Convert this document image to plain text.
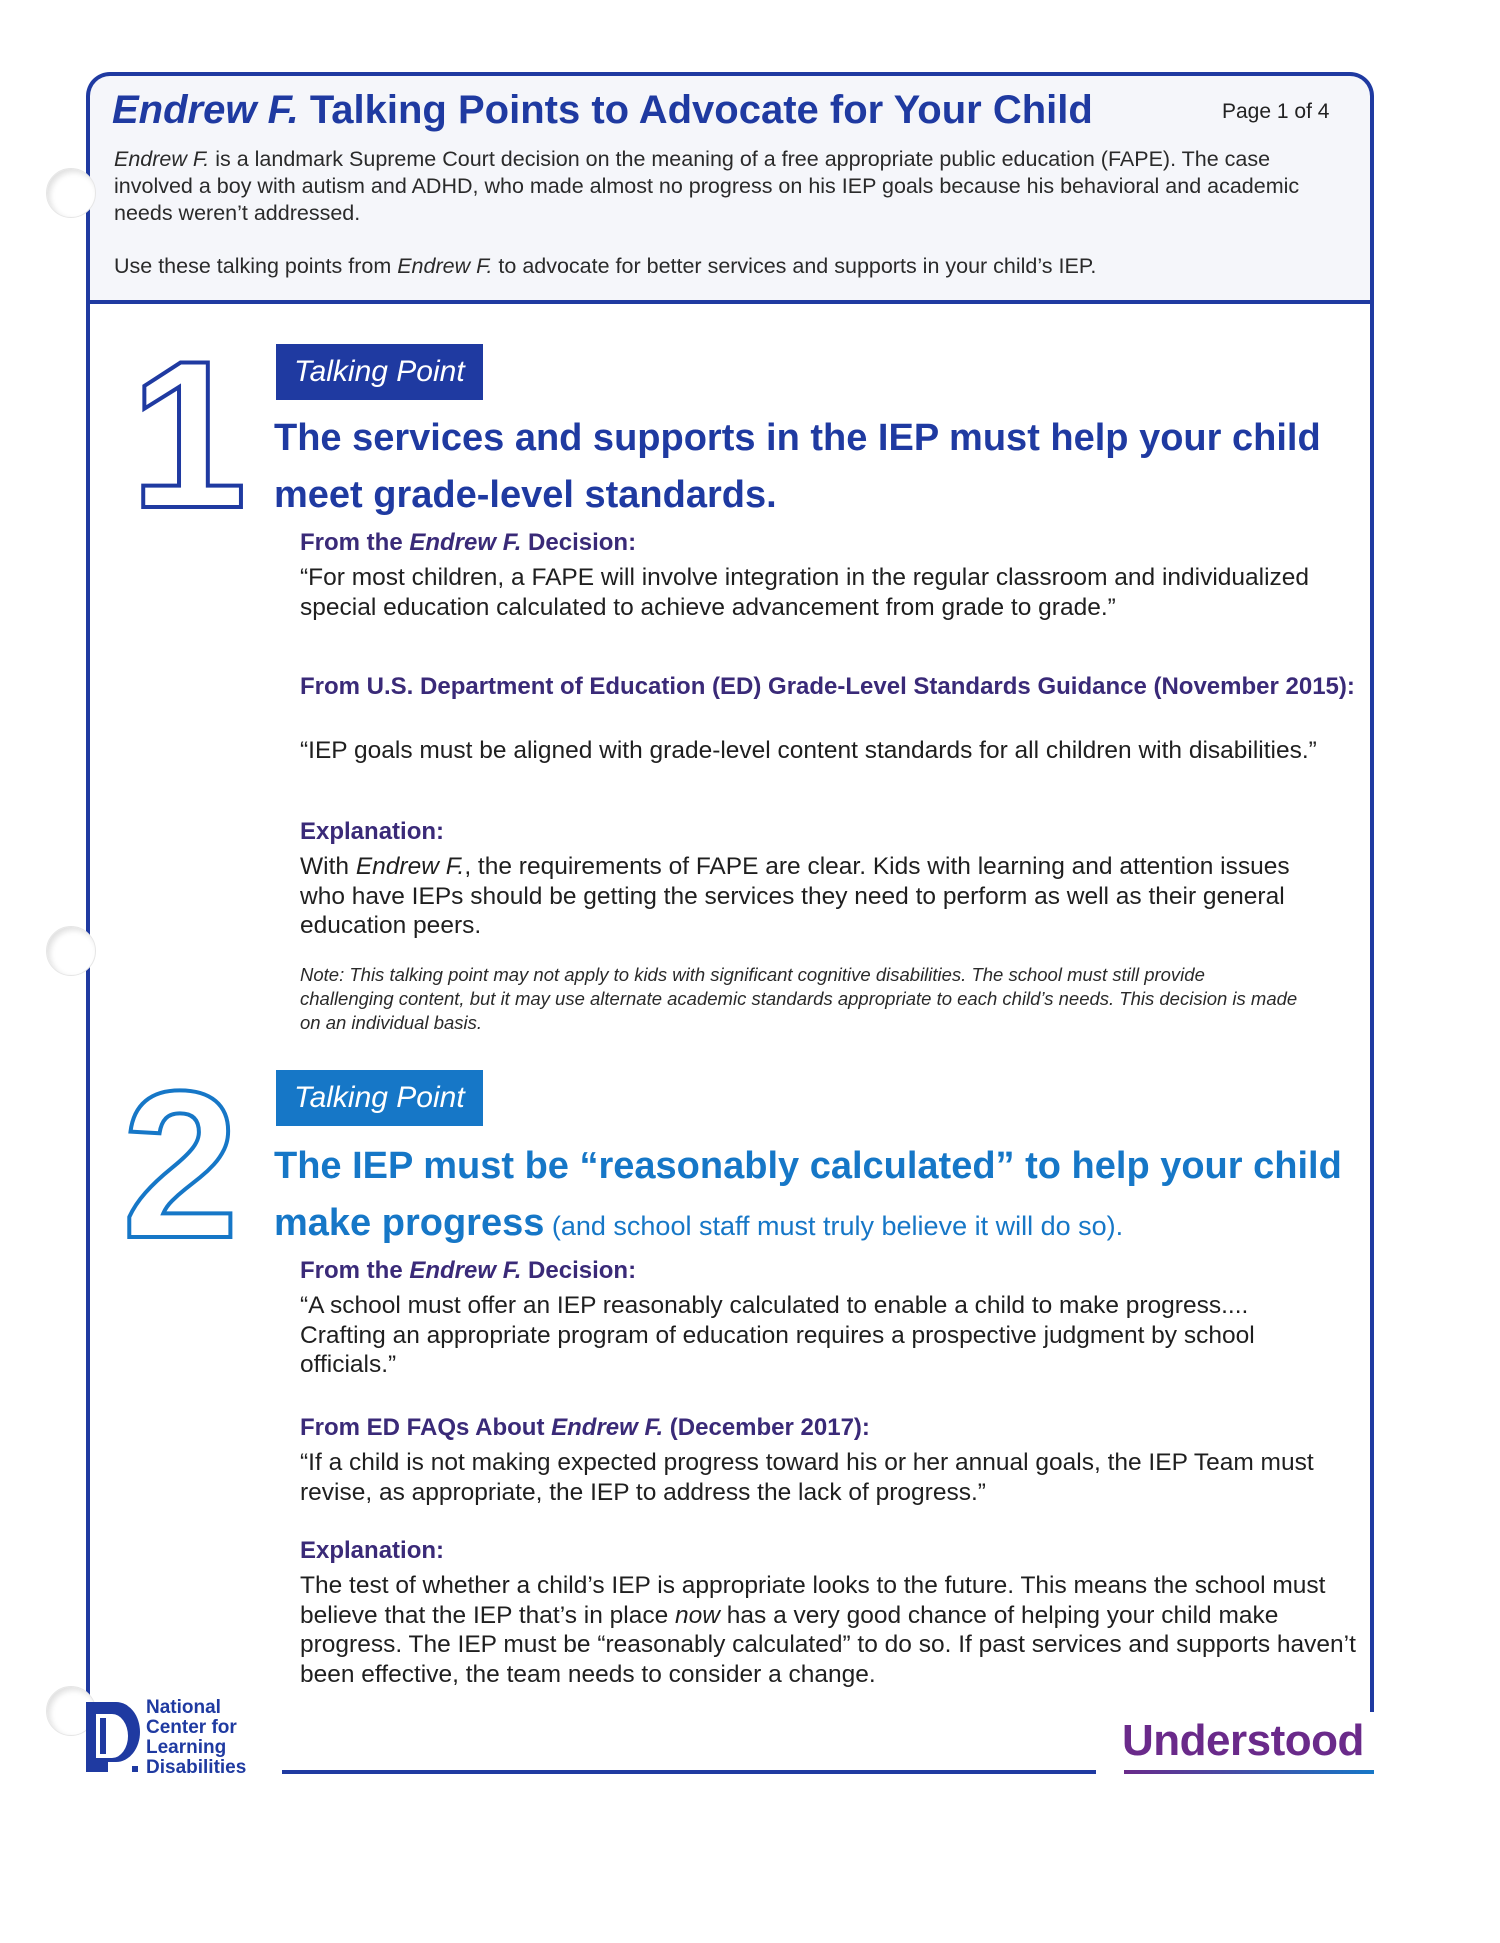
Endrew F. Talking Points to Advocate for Your Child	Page 1 of 4
Endrew F. is a landmark Supreme Court decision on the meaning of a free appropriate public education (FAPE). The case involved a boy with autism and ADHD, who made almost no progress on his IEP goals because his behavioral and academic needs weren’t addressed.
Use these talking points from Endrew F. to advocate for better services and supports in your child’s IEP.
1	Talking Point
The services and supports in the IEP must help your child meet grade-level standards.
From the Endrew F. Decision:
“For most children, a FAPE will involve integration in the regular classroom and individualized special education calculated to achieve advancement from grade to grade.”
From U.S. Department of Education (ED) Grade-Level Standards Guidance (November 2015):
“IEP goals must be aligned with grade-level content standards for all children with disabilities.”
Explanation:
With Endrew F., the requirements of FAPE are clear. Kids with learning and attention issues who have IEPs should be getting the services they need to perform as well as their general education peers.
Note: This talking point may not apply to kids with significant cognitive disabilities. The school must still provide challenging content, but it may use alternate academic standards appropriate to each child’s needs. This decision is made on an individual basis.
2	Talking Point
The IEP must be “reasonably calculated” to help your child make progress (and school staff must truly believe it will do so).
From the Endrew F. Decision:
“A school must offer an IEP reasonably calculated to enable a child to make progress.... Crafting an appropriate program of education requires a prospective judgment by school officials.”
From ED FAQs About Endrew F. (December 2017):
“If a child is not making expected progress toward his or her annual goals, the IEP Team must revise, as appropriate, the IEP to address the lack of progress.”
Explanation:
The test of whether a child’s IEP is appropriate looks to the future. This means the school must believe that the IEP that’s in place now has a very good chance of helping your child make progress. The IEP must be “reasonably calculated” to do so. If past services and supports haven’t been effective, the team needs to consider a change.
National
Center for
Learning
Disabilities
Understood
